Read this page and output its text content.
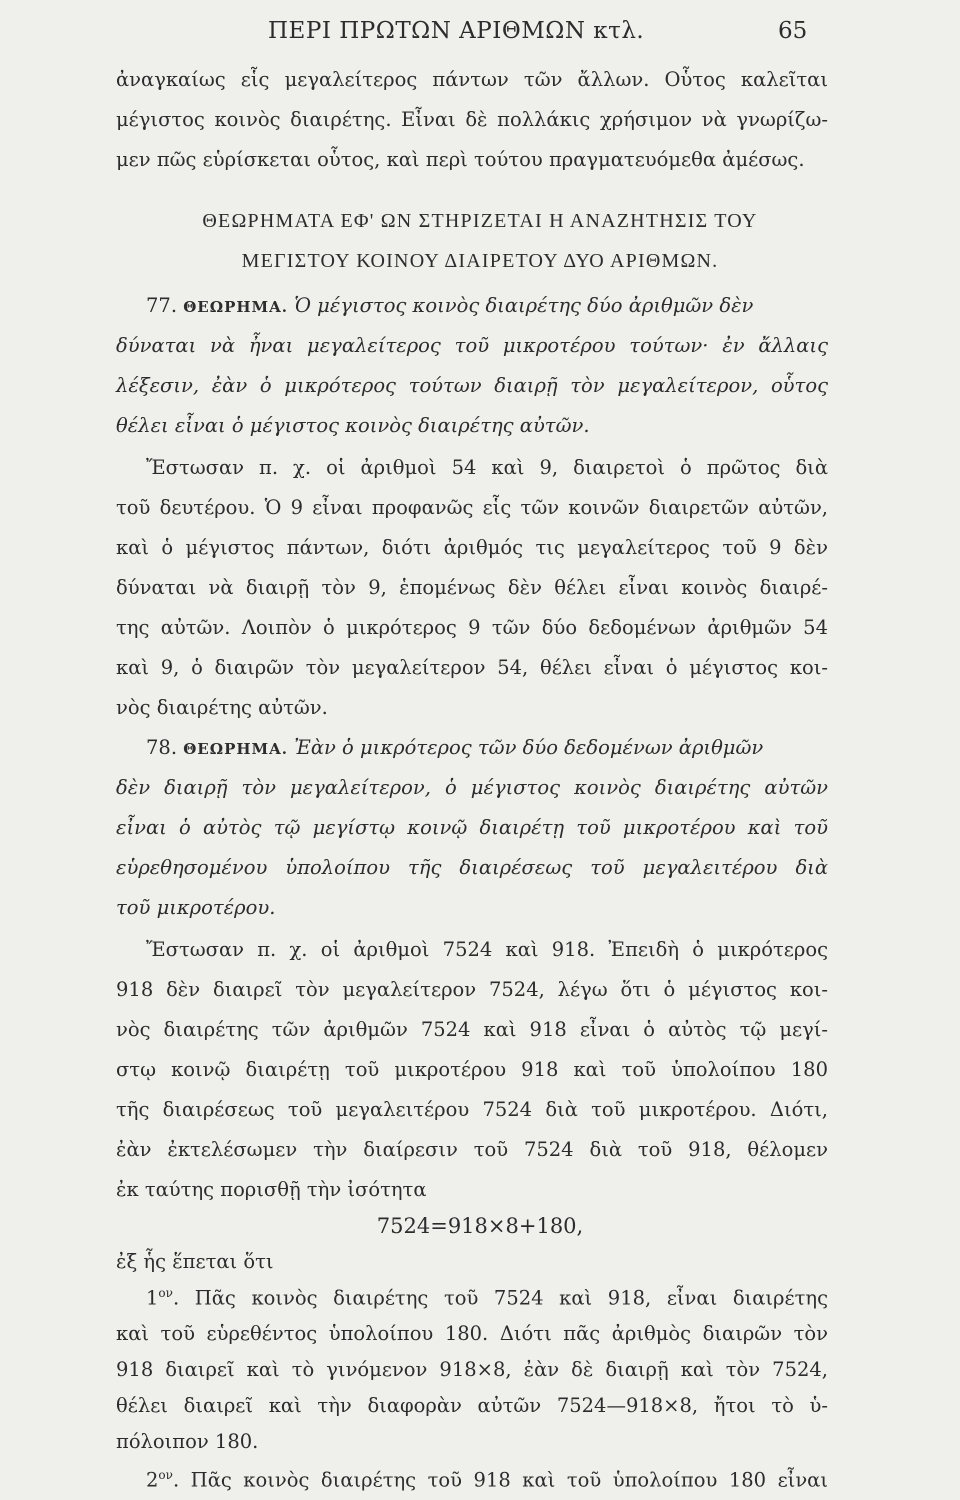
ΠΕΡΙ ΠΡΩΤΩΝ ΑΡΙΘΜΩΝ κτλ.	65
ἀναγκαίως εἷς μεγαλείτερος πάντων τῶν ἄλλων. Οὗτος καλεῖται
μέγιστος κοινὸς διαιρέτης. Εἶναι δὲ πολλάκις χρήσιμον νὰ γνωρίζω-
μεν πῶς εὑρίσκεται οὗτος, καὶ περὶ τούτου πραγματευόμεθα ἀμέσως.
ΘΕΩΡΗΜΑΤΑ ΕΦ' ΩΝ ΣΤΗΡΙΖΕΤΑΙ Η ΑΝΑΖΗΤΗΣΙΣ ΤΟΥ
ΜΕΓΙΣΤΟΥ ΚΟΙΝΟΥ ΔΙΑΙΡΕΤΟΥ ΔΥΟ ΑΡΙΘΜΩΝ.
77. ΘΕΩΡΗΜΑ. Ὁ μέγιστος κοινὸς διαιρέτης δύο ἀριθμῶν δὲν
δύναται νὰ ἦναι μεγαλείτερος τοῦ μικροτέρου τούτων· ἐν ἄλλαις
λέξεσιν, ἐὰν ὁ μικρότερος τούτων διαιρῇ τὸν μεγαλείτερον, οὗτος
θέλει εἶναι ὁ μέγιστος κοινὸς διαιρέτης αὐτῶν.
Ἔστωσαν π. χ. οἱ ἀριθμοὶ 54 καὶ 9, διαιρετοὶ ὁ πρῶτος διὰ
τοῦ δευτέρου. Ὁ 9 εἶναι προφανῶς εἷς τῶν κοινῶν διαιρετῶν αὐτῶν,
καὶ ὁ μέγιστος πάντων, διότι ἀριθμός τις μεγαλείτερος τοῦ 9 δὲν
δύναται νὰ διαιρῇ τὸν 9, ἑπομένως δὲν θέλει εἶναι κοινὸς διαιρέ-
της αὐτῶν. Λοιπὸν ὁ μικρότερος 9 τῶν δύο δεδομένων ἀριθμῶν 54
καὶ 9, ὁ διαιρῶν τὸν μεγαλείτερον 54, θέλει εἶναι ὁ μέγιστος κοι-
νὸς διαιρέτης αὐτῶν.
78. ΘΕΩΡΗΜΑ. Ἐὰν ὁ μικρότερος τῶν δύο δεδομένων ἀριθμῶν
δὲν διαιρῇ τὸν μεγαλείτερον, ὁ μέγιστος κοινὸς διαιρέτης αὐτῶν
εἶναι ὁ αὐτὸς τῷ μεγίστῳ κοινῷ διαιρέτῃ τοῦ μικροτέρου καὶ τοῦ
εὑρεθησομένου ὑπολοίπου τῆς διαιρέσεως τοῦ μεγαλειτέρου διὰ
τοῦ μικροτέρου.
Ἔστωσαν π. χ. οἱ ἀριθμοὶ 7524 καὶ 918. Ἐπειδὴ ὁ μικρότερος
918 δὲν διαιρεῖ τὸν μεγαλείτερον 7524, λέγω ὅτι ὁ μέγιστος κοι-
νὸς διαιρέτης τῶν ἀριθμῶν 7524 καὶ 918 εἶναι ὁ αὐτὸς τῷ μεγί-
στῳ κοινῷ διαιρέτῃ τοῦ μικροτέρου 918 καὶ τοῦ ὑπολοίπου 180
τῆς διαιρέσεως τοῦ μεγαλειτέρου 7524 διὰ τοῦ μικροτέρου. Διότι,
ἐὰν ἐκτελέσωμεν τὴν διαίρεσιν τοῦ 7524 διὰ τοῦ 918, θέλομεν
ἐκ ταύτης πορισθῇ τὴν ἰσότητα
7524=918×8+180,
ἐξ ἧς ἕπεται ὅτι
$1^{o\nu}$. Πᾶς κοινὸς διαιρέτης τοῦ 7524 καὶ 918, εἶναι διαιρέτης
καὶ τοῦ εὑρεθέντος ὑπολοίπου 180. Διότι πᾶς ἀριθμὸς διαιρῶν τὸν
918 διαιρεῖ καὶ τὸ γινόμενον 918×8, ἐὰν δὲ διαιρῇ καὶ τὸν 7524,
θέλει διαιρεῖ καὶ τὴν διαφορὰν αὐτῶν 7524—918×8, ἤτοι τὸ ὑ-
πόλοιπον 180.
$2^{o\nu}$. Πᾶς κοινὸς διαιρέτης τοῦ 918 καὶ τοῦ ὑπολοίπου 180 εἶναι
